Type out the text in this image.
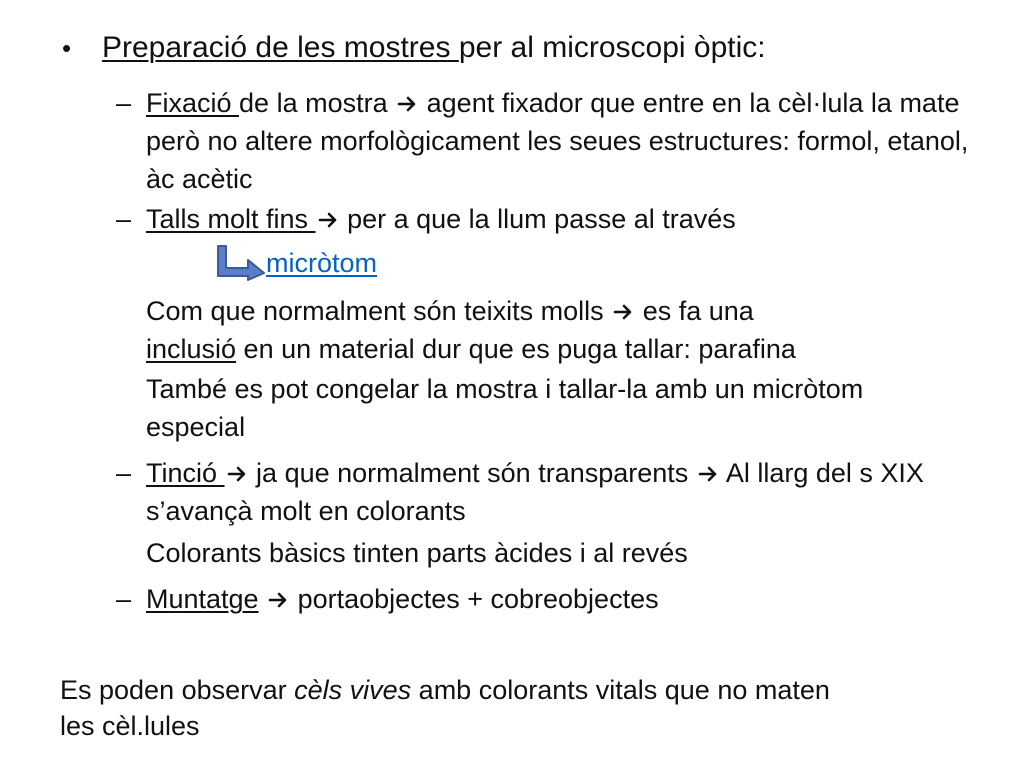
• Preparació de les mostres per al microscopi òptic:
– Fixació de la mostra agent fixador que entre en la cèl·lula la mate però no altere morfològicament les seues estructures: formol, etanol, àc acètic
– Talls molt fins  per a que la llum passe al través
micròtom
Com que normalment són teixits molls es fa una
inclusió en un material dur que es puga tallar: parafina
També es pot congelar la mostra i tallar-la amb un micròtom especial
– Tinció  ja que normalment són transparents Al llarg del s XIX s’avançà molt en colorants
Colorants bàsics tinten parts àcides i al revés
– Muntatge portaobjectes + cobreobjectes
Es poden observar cèls vives amb colorants vitals que no maten
les cèl.lules
